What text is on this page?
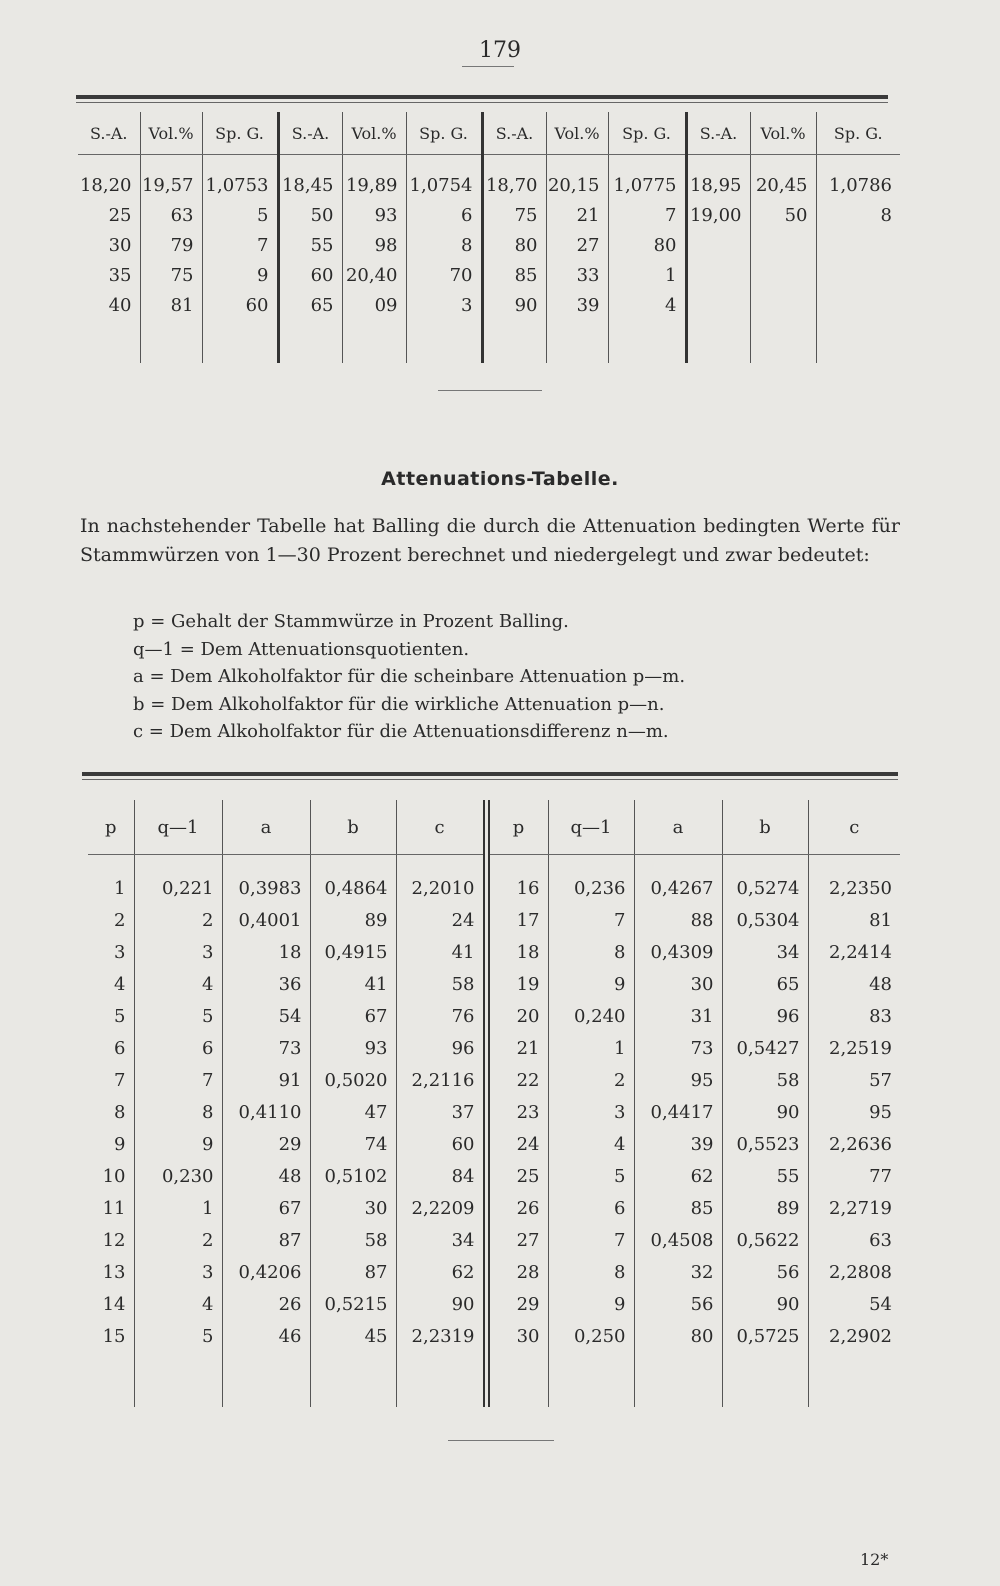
179
S.-A.	Vol.%	Sp. G.	S.-A.	Vol.%	Sp. G.	S.-A.	Vol.%	Sp. G.	S.-A.	Vol.%	Sp. G.

18,20	19,57	1,0753	18,45	19,89	1,0754	18,70	20,15	1,0775	18,95	20,45	1,0786
25	63	5	50	93	6	75	21	7	19,00	50	8
30	79	7	55	98	8	80	27	80			
35	75	9	60	20,40	70	85	33	1			
40	81	60	65	09	3	90	39	4			

Attenuations-Tabelle.
In nachstehender Tabelle hat Balling die durch die Attenuation bedingten Werte für Stammwürzen von 1—30 Prozent berechnet und niedergelegt und zwar bedeutet:
p = Gehalt der Stammwürze in Prozent Balling.
q—1 = Dem Attenuationsquotienten.
a = Dem Alkoholfaktor für die scheinbare Attenuation p—m.
b = Dem Alkoholfaktor für die wirkliche Attenuation p—n.
c = Dem Alkoholfaktor für die Attenuationsdifferenz n—m.
p	q—1	a	b	c	p	q—1	a	b	c

1	0,221	0,3983	0,4864	2,2010	16	0,236	0,4267	0,5274	2,2350
2	2	0,4001	89	24	17	7	88	0,5304	81
3	3	18	0,4915	41	18	8	0,4309	34	2,2414
4	4	36	41	58	19	9	30	65	48
5	5	54	67	76	20	0,240	31	96	83
6	6	73	93	96	21	1	73	0,5427	2,2519
7	7	91	0,5020	2,2116	22	2	95	58	57
8	8	0,4110	47	37	23	3	0,4417	90	95
9	9	29	74	60	24	4	39	0,5523	2,2636
10	0,230	48	0,5102	84	25	5	62	55	77
11	1	67	30	2,2209	26	6	85	89	2,2719
12	2	87	58	34	27	7	0,4508	0,5622	63
13	3	0,4206	87	62	28	8	32	56	2,2808
14	4	26	0,5215	90	29	9	56	90	54
15	5	46	45	2,2319	30	0,250	80	0,5725	2,2902

12*
